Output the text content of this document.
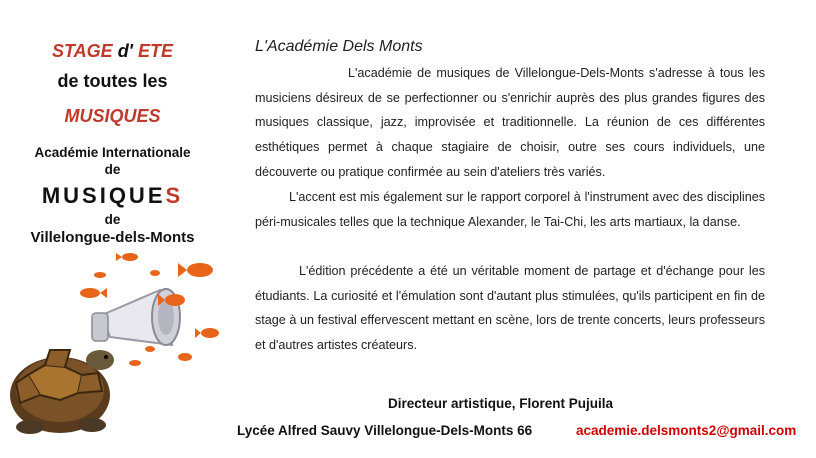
STAGE d' ETE
de toutes les
MUSIQUES
Académie Internationale
de
MUSIQUES
de
Villelongue-dels-Monts
L'Académie Dels Monts
L'académie de musiques de Villelongue-Dels-Monts s'adresse à tous les musiciens désireux de se perfectionner ou s'enrichir auprès des plus grandes figures des musiques classique, jazz, improvisée et traditionnelle. La réunion de ces différentes esthétiques permet à chaque stagiaire de choisir, outre ses cours individuels, une découverte ou pratique confirmée au sein d'ateliers très variés.
L'accent est mis également sur le rapport corporel à l'instrument avec des disciplines péri-musicales telles que la technique Alexander, le Tai-Chi, les arts martiaux, la danse.
L'édition précédente a été un véritable moment de partage et d'échange pour les étudiants. La curiosité et l'émulation sont d'autant plus stimulées, qu'ils participent en fin de stage à un festival effervescent mettant en scène, lors de trente concerts, leurs professeurs et d'autres artistes créateurs.
Directeur artistique, Florent Pujuila
Lycée Alfred Sauvy Villelongue-Dels-Monts 66	academie.delsmonts2@gmail.com
